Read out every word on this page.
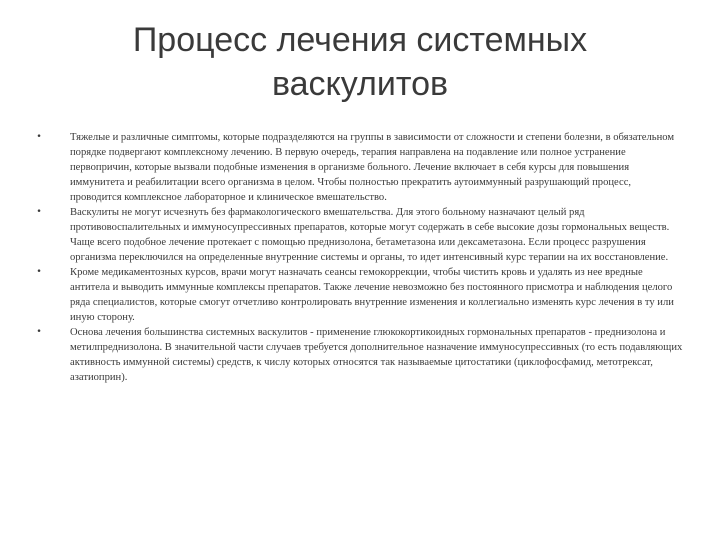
Процесс лечения системных васкулитов
•	Тяжелые и различные симптомы, которые подразделяются на группы в зависимости от сложности и степени болезни, в обязательном порядке подвергают комплексному лечению. В первую очередь, терапия направлена на подавление или полное устранение первопричин, которые вызвали подобные изменения в организме больного. Лечение включает в себя курсы для повышения иммунитета и реабилитации всего организма в целом. Чтобы полностью прекратить аутоиммунный разрушающий процесс, проводится комплексное лабораторное и клиническое вмешательство.
•	Васкулиты не могут исчезнуть без фармакологического вмешательства. Для этого больному назначают целый ряд противовоспалительных и иммуносупрессивных препаратов, которые могут содержать в себе высокие дозы гормональных веществ. Чаще всего подобное лечение протекает с помощью преднизолона, бетаметазона или дексаметазона. Если процесс разрушения организма переключился на определенные внутренние системы и органы, то идет интенсивный курс терапии на их восстановление.
•	Кроме медикаментозных курсов, врачи могут назначать сеансы гемокоррекции, чтобы чистить кровь и удалять из нее вредные антитела и выводить иммунные комплексы препаратов. Также лечение невозможно без постоянного присмотра и наблюдения целого ряда специалистов, которые смогут отчетливо контролировать внутренние изменения и коллегиально изменять курс лечения в ту или иную сторону.
•	Основа лечения большинства системных васкулитов - применение глюкокортикоидных гормональных препаратов - преднизолона и метилпреднизолона. В значительной части случаев требуется дополнительное назначение иммуносупрессивных (то есть подавляющих активность иммунной системы) средств, к числу которых относятся так называемые цитостатики (циклофосфамид, метотрексат, азатиоприн).
